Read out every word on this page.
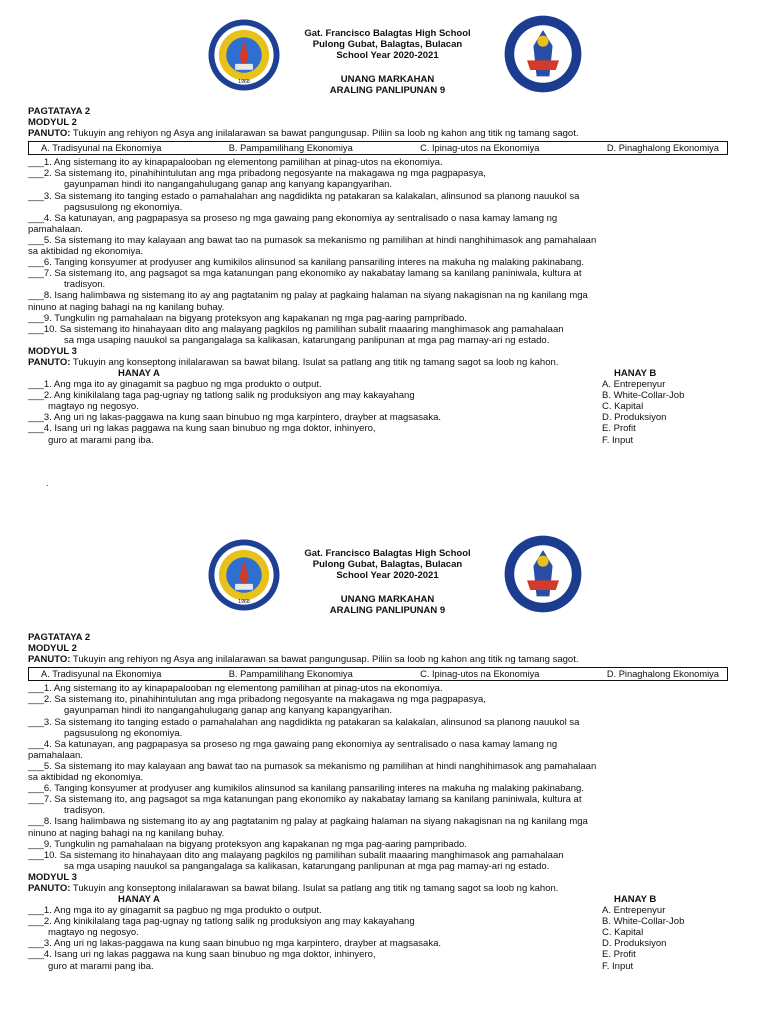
1968
Gat. Francisco Balagtas High School
Pulong Gubat, Balagtas, Bulacan
School Year 2020-2021
UNANG MARKAHAN
ARALING PANLIPUNAN 9
PAGTATAYA 2
MODYUL 2
PANUTO: Tukuyin ang rehiyon ng Asya ang inilalarawan sa bawat pangungusap. Piliin sa loob ng kahon ang titik ng tamang sagot.
A. Tradisyunal na Ekonomiya	B. Pampamilihang Ekonomiya	C. Ipinag-utos na Ekonomiya	D. Pinaghalong Ekonomiya
___1. Ang sistemang ito ay kinapapalooban ng elementong pamilihan at pinag-utos na ekonomiya.
___2. Sa sistemang ito, pinahihintulutan ang mga pribadong negosyante na makagawa ng mga pagpapasya,
gayunpaman hindi ito nangangahulugang ganap ang kanyang kapangyarihan.
___3. Sa sistemang ito tanging estado o pamahalahan ang nagdidikta ng patakaran sa kalakalan, alinsunod sa planong nauukol sa
pagsusulong ng ekonomiya.
___4. Sa katunayan, ang pagpapasya sa proseso ng mga gawaing pang ekonomiya ay sentralisado o nasa kamay lamang ng
pamahalaan.
___5. Sa sistemang ito may kalayaan ang bawat tao na pumasok sa mekanismo ng pamilihan at hindi nanghihimasok ang pamahalaan
sa aktibidad ng ekonomiya.
___6. Tanging konsyumer at prodyuser ang kumikilos alinsunod sa kanilang pansariling interes na makuha ng malaking pakinabang.
___7. Sa sistemang ito, ang pagsagot sa mga katanungan pang ekonomiko ay nakabatay lamang sa kanilang paniniwala, kultura at
tradisyon.
___8. Isang halimbawa ng sistemang ito ay ang pagtatanim ng palay at pagkaing halaman na siyang nakagisnan na ng kanilang mga
ninuno at naging bahagi na ng kanilang buhay.
___9. Tungkulin ng pamahalaan na bigyang proteksyon ang kapakanan ng mga pag-aaring pampribado.
___10. Sa sistemang ito hinahayaan dito ang malayang pagkilos ng pamilihan subalit maaaring manghimasok ang pamahalaan
sa mga usaping nauukol sa pangangalaga sa kalikasan, katarungang panlipunan at mga pag mamay-ari ng estado.
MODYUL 3
PANUTO: Tukuyin ang konseptong inilalarawan sa bawat bilang. Isulat sa patlang ang titik ng tamang sagot sa loob ng kahon.
HANAY A	HANAY B
___1. Ang mga ito ay ginagamit sa pagbuo ng mga produkto o output.	A. Entrepenyur
___2. Ang kinikilalang taga pag-ugnay ng tatlong salik ng produksiyon ang may kakayahang	B. White-Collar-Job
magtayo ng negosyo.	C. Kapital
___3. Ang uri ng lakas-paggawa na kung saan binubuo ng mga karpintero, drayber at magsasaka.	D. Produksiyon
___4. Isang uri ng lakas paggawa na kung saan binubuo ng mga doktor, inhinyero,	E. Profit
guro at marami pang iba.	F. Input
.
1968
Gat. Francisco Balagtas High School
Pulong Gubat, Balagtas, Bulacan
School Year 2020-2021
UNANG MARKAHAN
ARALING PANLIPUNAN 9
PAGTATAYA 2
MODYUL 2
PANUTO: Tukuyin ang rehiyon ng Asya ang inilalarawan sa bawat pangungusap. Piliin sa loob ng kahon ang titik ng tamang sagot.
A. Tradisyunal na Ekonomiya	B. Pampamilihang Ekonomiya	C. Ipinag-utos na Ekonomiya	D. Pinaghalong Ekonomiya
___1. Ang sistemang ito ay kinapapalooban ng elementong pamilihan at pinag-utos na ekonomiya.
___2. Sa sistemang ito, pinahihintulutan ang mga pribadong negosyante na makagawa ng mga pagpapasya,
gayunpaman hindi ito nangangahulugang ganap ang kanyang kapangyarihan.
___3. Sa sistemang ito tanging estado o pamahalahan ang nagdidikta ng patakaran sa kalakalan, alinsunod sa planong nauukol sa
pagsusulong ng ekonomiya.
___4. Sa katunayan, ang pagpapasya sa proseso ng mga gawaing pang ekonomiya ay sentralisado o nasa kamay lamang ng
pamahalaan.
___5. Sa sistemang ito may kalayaan ang bawat tao na pumasok sa mekanismo ng pamilihan at hindi nanghihimasok ang pamahalaan
sa aktibidad ng ekonomiya.
___6. Tanging konsyumer at prodyuser ang kumikilos alinsunod sa kanilang pansariling interes na makuha ng malaking pakinabang.
___7. Sa sistemang ito, ang pagsagot sa mga katanungan pang ekonomiko ay nakabatay lamang sa kanilang paniniwala, kultura at
tradisyon.
___8. Isang halimbawa ng sistemang ito ay ang pagtatanim ng palay at pagkaing halaman na siyang nakagisnan na ng kanilang mga
ninuno at naging bahagi na ng kanilang buhay.
___9. Tungkulin ng pamahalaan na bigyang proteksyon ang kapakanan ng mga pag-aaring pampribado.
___10. Sa sistemang ito hinahayaan dito ang malayang pagkilos ng pamilihan subalit maaaring manghimasok ang pamahalaan
sa mga usaping nauukol sa pangangalaga sa kalikasan, katarungang panlipunan at mga pag mamay-ari ng estado.
MODYUL 3
PANUTO: Tukuyin ang konseptong inilalarawan sa bawat bilang. Isulat sa patlang ang titik ng tamang sagot sa loob ng kahon.
HANAY A	HANAY B
___1. Ang mga ito ay ginagamit sa pagbuo ng mga produkto o output.	A. Entrepenyur
___2. Ang kinikilalang taga pag-ugnay ng tatlong salik ng produksiyon ang may kakayahang	B. White-Collar-Job
magtayo ng negosyo.	C. Kapital
___3. Ang uri ng lakas-paggawa na kung saan binubuo ng mga karpintero, drayber at magsasaka.	D. Produksiyon
___4. Isang uri ng lakas paggawa na kung saan binubuo ng mga doktor, inhinyero,	E. Profit
guro at marami pang iba.	F. Input
